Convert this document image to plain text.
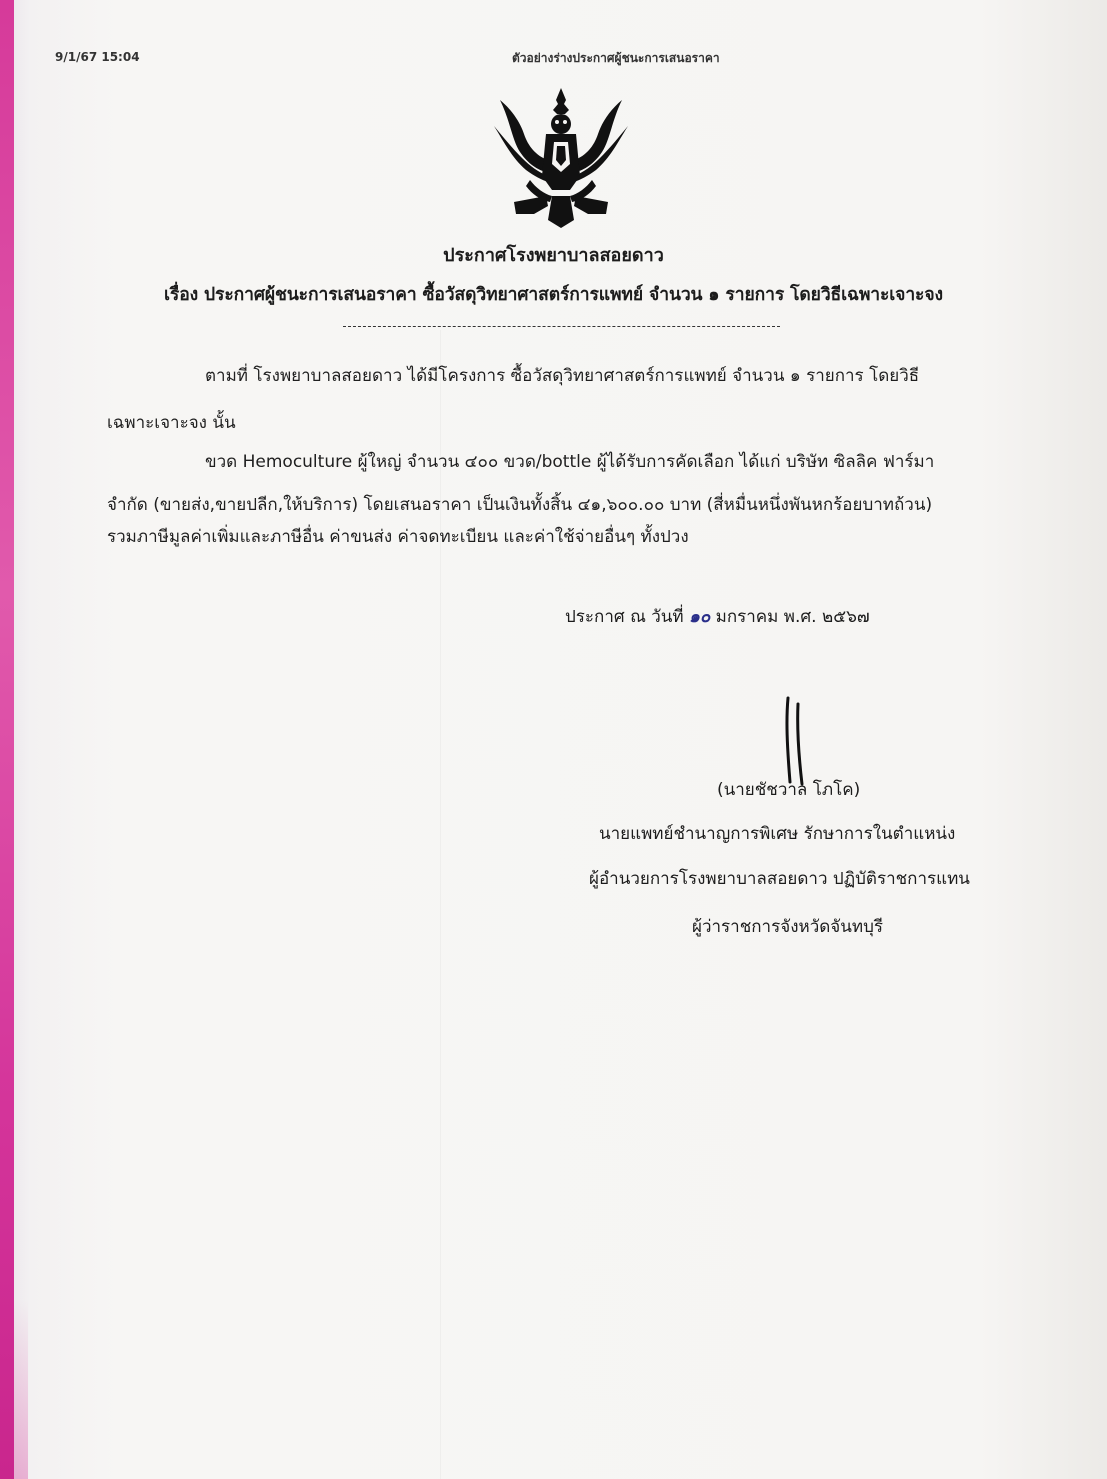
9/1/67 15:04	ตัวอย่างร่างประกาศผู้ชนะการเสนอราคา
ประกาศโรงพยาบาลสอยดาว
เรื่อง ประกาศผู้ชนะการเสนอราคา ซื้อวัสดุวิทยาศาสตร์การแพทย์ จำนวน ๑ รายการ โดยวิธีเฉพาะเจาะจง
ตามที่ โรงพยาบาลสอยดาว ได้มีโครงการ ซื้อวัสดุวิทยาศาสตร์การแพทย์ จำนวน ๑ รายการ โดยวิธี
เฉพาะเจาะจง นั้น
ขวด Hemoculture ผู้ใหญ่ จำนวน ๔๐๐ ขวด/bottle ผู้ได้รับการคัดเลือก ได้แก่ บริษัท ซิลลิค ฟาร์มา
จำกัด (ขายส่ง,ขายปลีก,ให้บริการ) โดยเสนอราคา เป็นเงินทั้งสิ้น ๔๑,๖๐๐.๐๐ บาท (สี่หมื่นหนึ่งพันหกร้อยบาทถ้วน)
รวมภาษีมูลค่าเพิ่มและภาษีอื่น ค่าขนส่ง ค่าจดทะเบียน และค่าใช้จ่ายอื่นๆ ทั้งปวง
ประกาศ ณ วันที่ ๑๐ มกราคม พ.ศ. ๒๕๖๗
(นายชัชวาล โภโค)
นายแพทย์ชำนาญการพิเศษ รักษาการในตำแหน่ง
ผู้อำนวยการโรงพยาบาลสอยดาว ปฏิบัติราชการแทน
ผู้ว่าราชการจังหวัดจันทบุรี
